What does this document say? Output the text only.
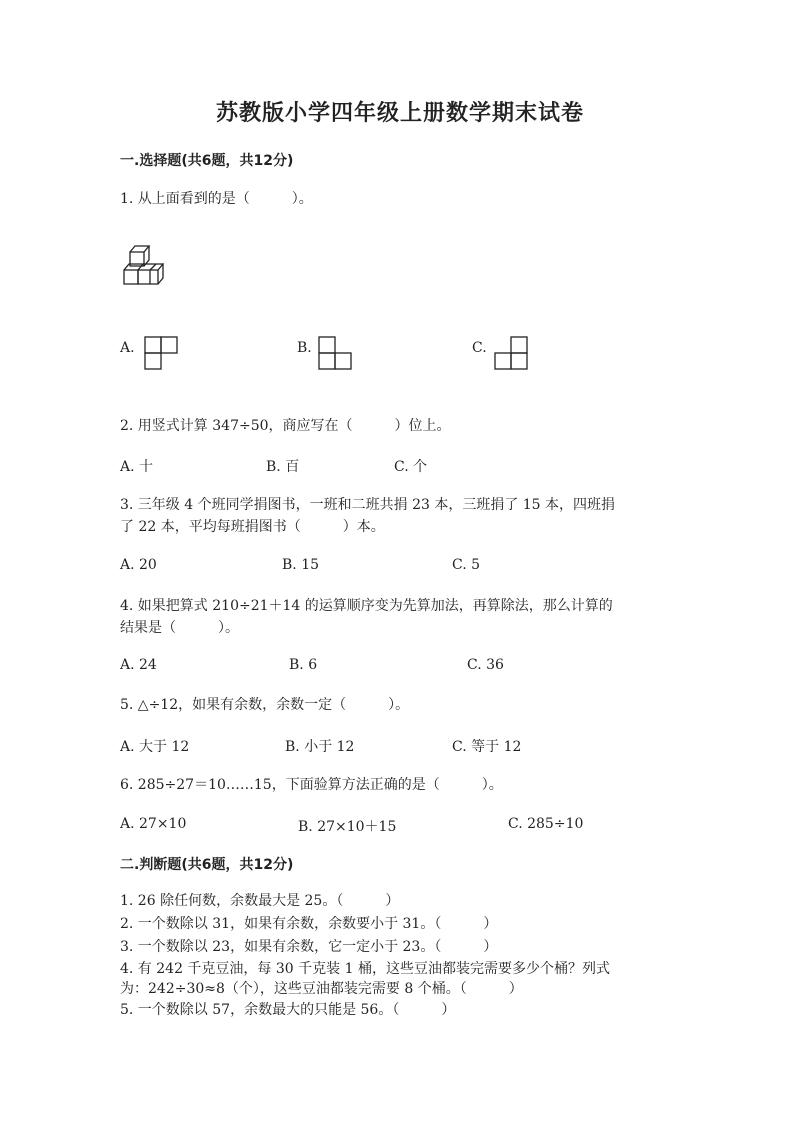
苏教版小学四年级上册数学期末试卷
一.选择题(共6题，共12分)
1. 从上面看到的是（　　　）。
A.	B.	C.
2. 用竖式计算 347÷50，商应写在（　　　）位上。
A. 十	B. 百	C. 个
3. 三年级 4 个班同学捐图书，一班和二班共捐 23 本，三班捐了 15 本，四班捐
了 22 本，平均每班捐图书（　　　）本。
A. 20	B. 15	C. 5
4. 如果把算式 210÷21＋14 的运算顺序变为先算加法，再算除法，那么计算的
结果是（　　　）。
A. 24	B. 6	C. 36
5. △÷12，如果有余数，余数一定（　　　）。
A. 大于 12	B. 小于 12	C. 等于 12
6. 285÷27＝10……15，下面验算方法正确的是（　　　）。
A. 27×10	B. 27×10＋15	C. 285÷10
二.判断题(共6题，共12分)
1. 26 除任何数，余数最大是 25。（　　　）
2. 一个数除以 31，如果有余数，余数要小于 31。（　　　）
3. 一个数除以 23，如果有余数，它一定小于 23。（　　　）
4. 有 242 千克豆油，每 30 千克装 1 桶，这些豆油都装完需要多少个桶？列式
为：242÷30≈8（个），这些豆油都装完需要 8 个桶。（　　　）
5. 一个数除以 57，余数最大的只能是 56。（　　　）
